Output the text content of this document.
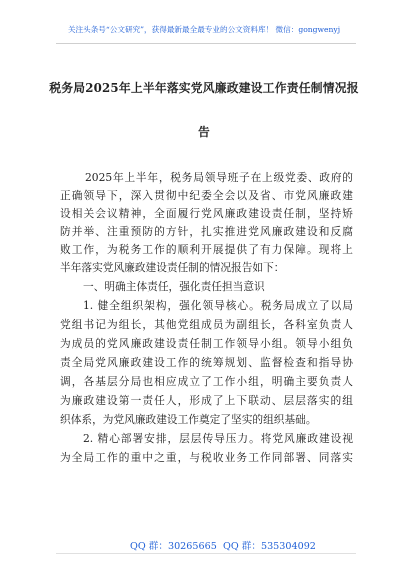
关注头条号“公文研究”，获得最新最全最专业的公文资料库！ 微信：gongwenyj
税务局2025年上半年落实党风廉政建设工作责任制情况报
告
2025年上半年，税务局领导班子在上级党委、政府的
正确领导下，深入贯彻中纪委全会以及省、市党风廉政建
设相关会议精神，全面履行党风廉政建设责任制，坚持矫
防并举、注重预防的方针，扎实推进党风廉政建设和反腐
败工作，为税务工作的顺利开展提供了有力保障。现将上
半年落实党风廉政建设责任制的情况报告如下：
一、明确主体责任，强化责任担当意识
1. 健全组织架构，强化领导核心。税务局成立了以局
党组书记为组长，其他党组成员为副组长，各科室负责人
为成员的党风廉政建设责任制工作领导小组。领导小组负
责全局党风廉政建设工作的统筹规划、监督检查和指导协
调，各基层分局也相应成立了工作小组，明确主要负责人
为廉政建设第一责任人，形成了上下联动、层层落实的组
织体系，为党风廉政建设工作奠定了坚实的组织基础。
2. 精心部署安排，层层传导压力。将党风廉政建设视
为全局工作的重中之重，与税收业务工作同部署、同落实
QQ 群：30265665 QQ 群：535304092
